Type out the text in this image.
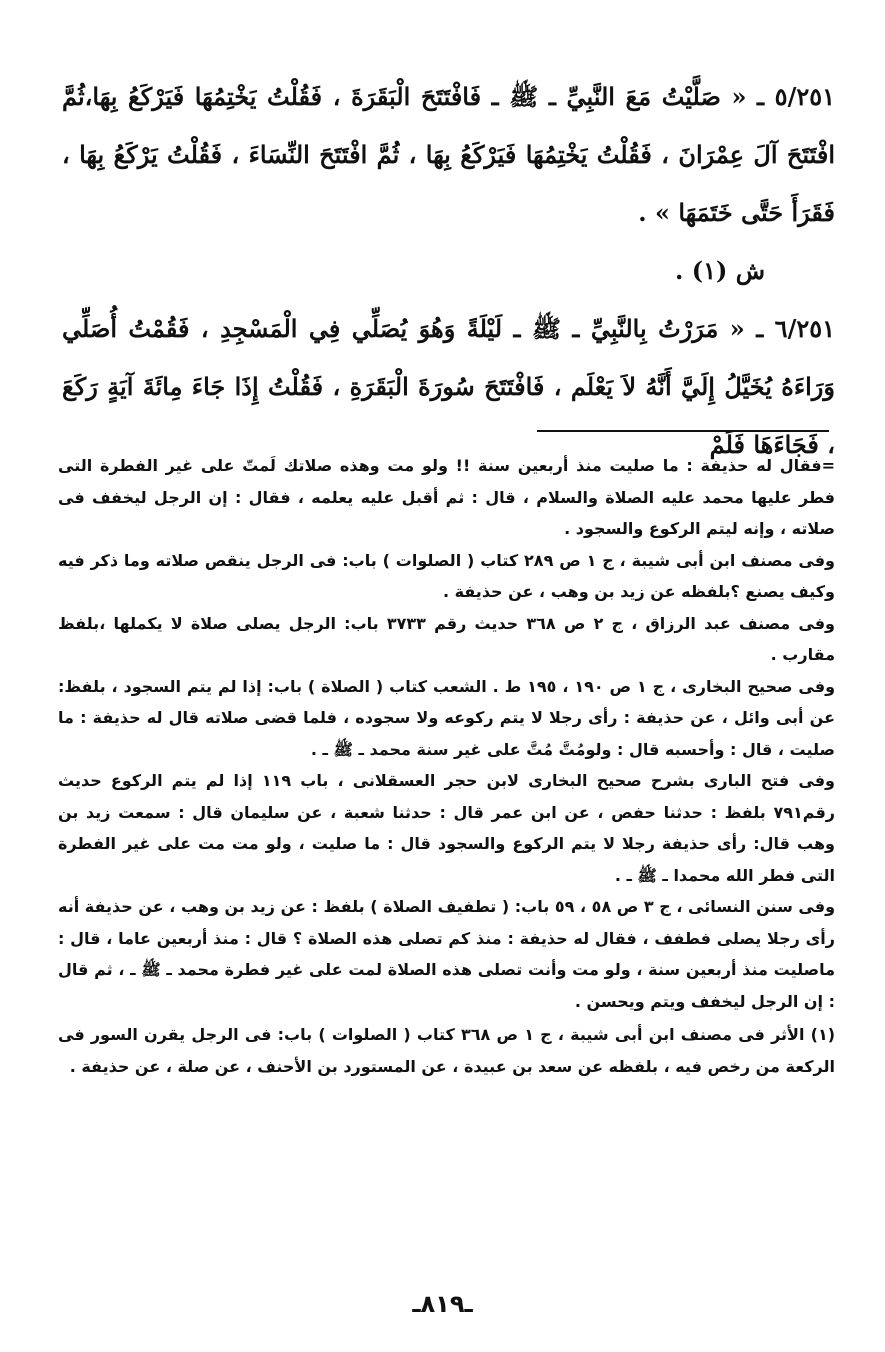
٥/٢٥١ ـ « صَلَّيْتُ مَعَ النَّبِيِّ ـ ﷺ ـ فَافْتَتَحَ الْبَقَرَةَ ، فَقُلْتُ يَخْتِمُهَا فَيَرْكَعُ بِهَا،ثُمَّ افْتَتَحَ آلَ عِمْرَانَ ، فَقُلْتُ يَخْتِمُهَا فَيَرْكَعُ بِهَا ، ثُمَّ افْتَتَحَ النِّسَاءَ ، فَقُلْتُ يَرْكَعُ بِهَا ، فَقَرَأَ حَتَّى خَتَمَهَا » .

ش (١) .

٦/٢٥١ ـ « مَرَرْتُ بِالنَّبِيِّ ـ ﷺ ـ لَيْلَةً وَهُوَ يُصَلِّي فِي الْمَسْجِدِ ، فَقُمْتُ أُصَلِّي وَرَاءَهُ يُخَيَّلُ إِلَيَّ أَنَّهُ لاَ يَعْلَم ، فَافْتَتَحَ سُورَةَ الْبَقَرَةِ ، فَقُلْتُ إِذَا جَاءَ مِائَةَ آيَةٍ رَكَعَ ، فَجَاءَهَا فَلَمْ

=فقال له حذيفة : ما صليت منذ أربعين سنة !! ولو مت وهذه صلاتك لَمتّ على غير الفطرة التى فطر عليها محمد عليه الصلاة والسلام ، قال : ثم أقبل عليه يعلمه ، فقال : إن الرجل ليخفف فى صلاته ، وإنه ليتم الركوع والسجود .

وفى مصنف ابن أبى شيبة ، ج ١ ص ٢٨٩ كتاب ( الصلوات ) باب: فى الرجل ينقص صلاته وما ذكر فيه وكيف يصنع ؟بلفظه عن زيد بن وهب ، عن حذيفة .

وفى مصنف عبد الرزاق ، ج ٢ ص ٣٦٨ حديث رقم ٣٧٣٣ باب: الرجل يصلى صلاة لا يكملها ،بلفظ مقارب .

وفى صحيح البخارى ، ج ١ ص ١٩٠ ، ١٩٥ ط . الشعب كتاب ( الصلاة ) باب: إذا لم يتم السجود ، بلفظ: عن أبى وائل ، عن حذيفة : رأى رجلا لا يتم ركوعه ولا سجوده ، فلما قضى صلاته قال له حذيفة : ما صليت ، قال : وأحسبه قال : ولومُتَّ مُتَّ على غير سنة محمد ـ ﷺ ـ .

وفى فتح البارى بشرح صحيح البخارى لابن حجر العسقلانى ، باب ١١٩ إذا لم يتم الركوع حديث رقم٧٩١ بلفظ : حدثنا حفص ، عن ابن عمر قال : حدثنا شعبة ، عن سليمان قال : سمعت زيد بن وهب قال: رأى حذيفة رجلا لا يتم الركوع والسجود قال : ما صليت ، ولو مت مت على غير الفطرة التى فطر الله محمدا ـ ﷺ ـ .

وفى سنن النسائى ، ج ٣ ص ٥٨ ، ٥٩ باب: ( تطفيف الصلاة ) بلفظ : عن زيد بن وهب ، عن حذيفة أنه رأى رجلا يصلى فطفف ، فقال له حذيفة : منذ كم تصلى هذه الصلاة ؟ قال : منذ أربعين عاما ، قال : ماصليت منذ أربعين سنة ، ولو مت وأنت تصلى هذه الصلاة لمت على غير فطرة محمد ـ ﷺ ـ ، ثم قال : إن الرجل ليخفف ويتم ويحسن .

(١) الأثر فى مصنف ابن أبى شيبة ، ج ١ ص ٣٦٨ كتاب ( الصلوات ) باب: فى الرجل يقرن السور فى الركعة من رخص فيه ، بلفظه عن سعد بن عبيدة ، عن المستورد بن الأحنف ، عن صلة ، عن حذيفة .

ـ٨١٩ـ
